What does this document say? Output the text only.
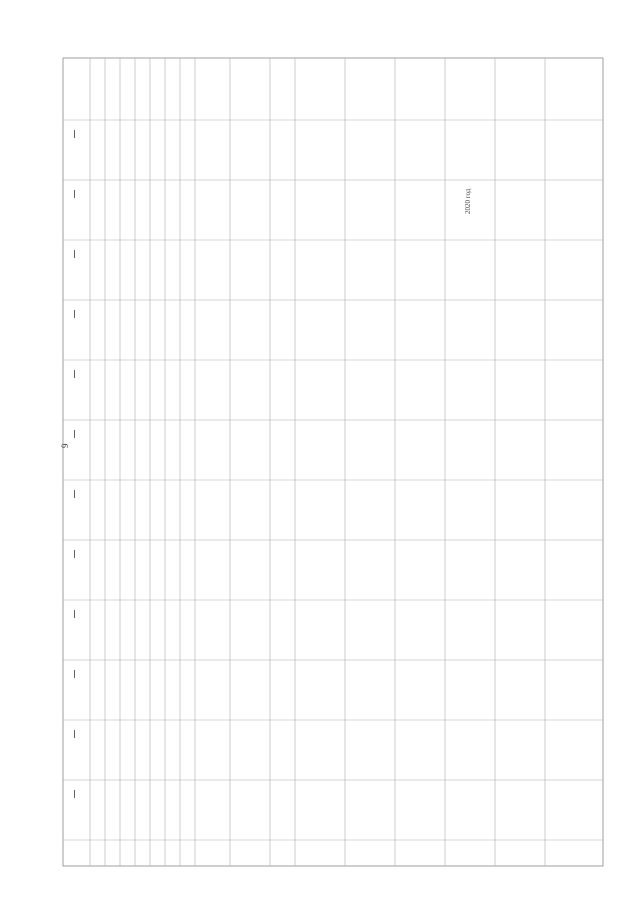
9
2020 год
